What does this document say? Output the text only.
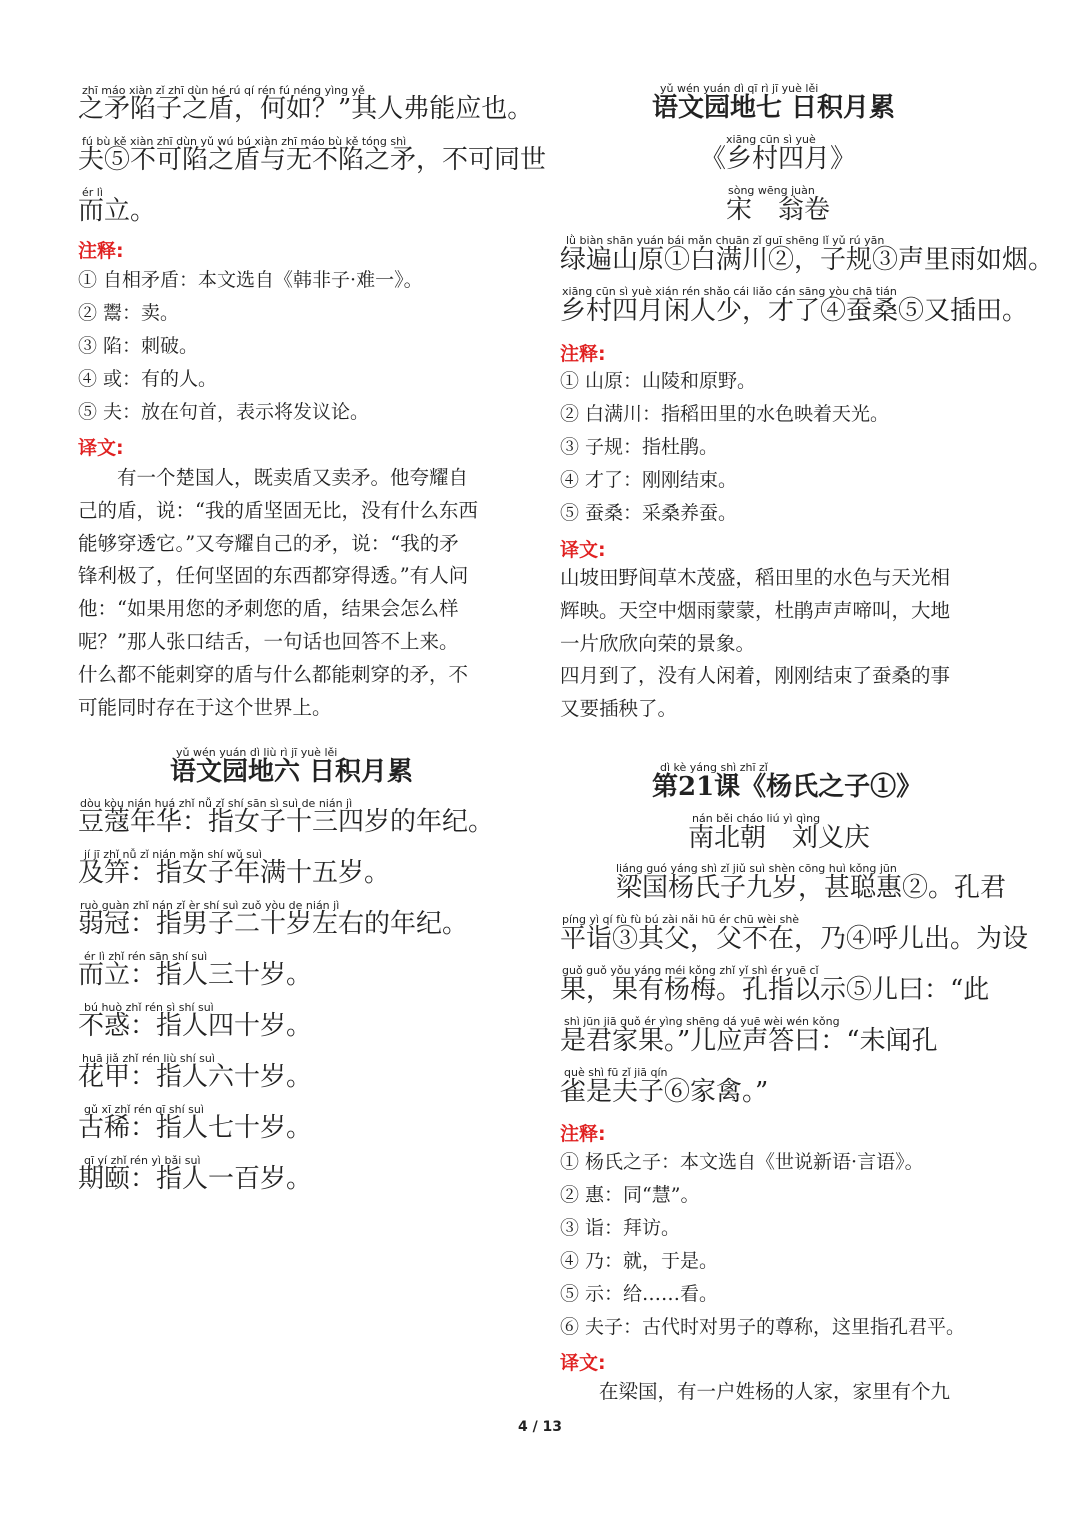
zhī máo xiàn zǐ zhī dùn hé rú qí rén fú néng yìng yě
之矛陷子之盾，何如？”其人弗能应也。
fú bù kě xiàn zhī dùn yǔ wú bú xiàn zhī máo bù kě tóng shì
夫⑤不可陷之盾与无不陷之矛，不可同世
ér lì
而立。
注释:
① 自相矛盾：本文选自《韩非子·难一》。
② 鬻：卖。
③ 陷：刺破。
④ 或：有的人。
⑤ 夫：放在句首，表示将发议论。
译文:
　　有一个楚国人，既卖盾又卖矛。他夸耀自
己的盾，说：“我的盾坚固无比，没有什么东西
能够穿透它。”又夸耀自己的矛，说：“我的矛
锋利极了，任何坚固的东西都穿得透。”有人问
他：“如果用您的矛刺您的盾，结果会怎么样
呢？”那人张口结舌，一句话也回答不上来。
什么都不能刺穿的盾与什么都能刺穿的矛，不
可能同时存在于这个世界上。
yǔ wén yuán dì liù rì jī yuè lěi
语文园地六 日积月累
dòu kòu nián huá zhǐ nǚ zǐ shí sān sì suì de nián jì
豆蔻年华：指女子十三四岁的年纪。
jí jī zhǐ nǚ zǐ nián mǎn shí wǔ suì
及笄：指女子年满十五岁。
ruò guàn zhǐ nán zǐ èr shí suì zuǒ yòu de nián jì
弱冠：指男子二十岁左右的年纪。
ér lì zhǐ rén sān shí suì
而立：指人三十岁。
bú huò zhǐ rén sì shí suì
不惑：指人四十岁。
huā jiǎ zhǐ rén liù shí suì
花甲：指人六十岁。
gǔ xī zhǐ rén qī shí suì
古稀：指人七十岁。
qī yí zhǐ rén yì bǎi suì
期颐：指人一百岁。
yǔ wén yuán dì qī rì jī yuè lěi
语文园地七 日积月累
xiāng cūn sì yuè
《乡村四月》
sòng wēng juàn
宋　翁卷
lǜ biàn shān yuán bái mǎn chuān zǐ guī shēng lǐ yǔ rú yān
绿遍山原①白满川②，子规③声里雨如烟。
xiāng cūn sì yuè xián rén shǎo cái liǎo cán sāng yòu chā tián
乡村四月闲人少，才了④蚕桑⑤又插田。
注释:
① 山原：山陵和原野。
② 白满川：指稻田里的水色映着天光。
③ 子规：指杜鹃。
④ 才了：刚刚结束。
⑤ 蚕桑：采桑养蚕。
译文:
山坡田野间草木茂盛，稻田里的水色与天光相
辉映。天空中烟雨蒙蒙，杜鹃声声啼叫，大地
一片欣欣向荣的景象。
四月到了，没有人闲着，刚刚结束了蚕桑的事
又要插秧了。
dì kè yáng shì zhī zǐ
第21课《杨氏之子①》
nán běi cháo liú yì qìng
南北朝　刘义庆
liáng guó yáng shì zǐ jiǔ suì shèn cōng huì kǒng jūn
　梁国杨氏子九岁，甚聪惠②。孔君
píng yì qí fù fù bú zài nǎi hū ér chū wèi shè
平诣③其父，父不在，乃④呼儿出。为设
guǒ guǒ yǒu yáng méi kǒng zhǐ yǐ shì ér yuē cǐ
果，果有杨梅。孔指以示⑤儿曰：“此
shì jūn jiā guǒ ér yìng shēng dá yuē wèi wén kǒng
是君家果。”儿应声答曰：“未闻孔
què shì fū zǐ jiā qín
雀是夫子⑥家禽。”
注释:
① 杨氏之子：本文选自《世说新语·言语》。
② 惠：同“慧”。
③ 诣：拜访。
④ 乃：就，于是。
⑤ 示：给……看。
⑥ 夫子：古代时对男子的尊称，这里指孔君平。
译文:
　　在梁国，有一户姓杨的人家，家里有个九
4 / 13
